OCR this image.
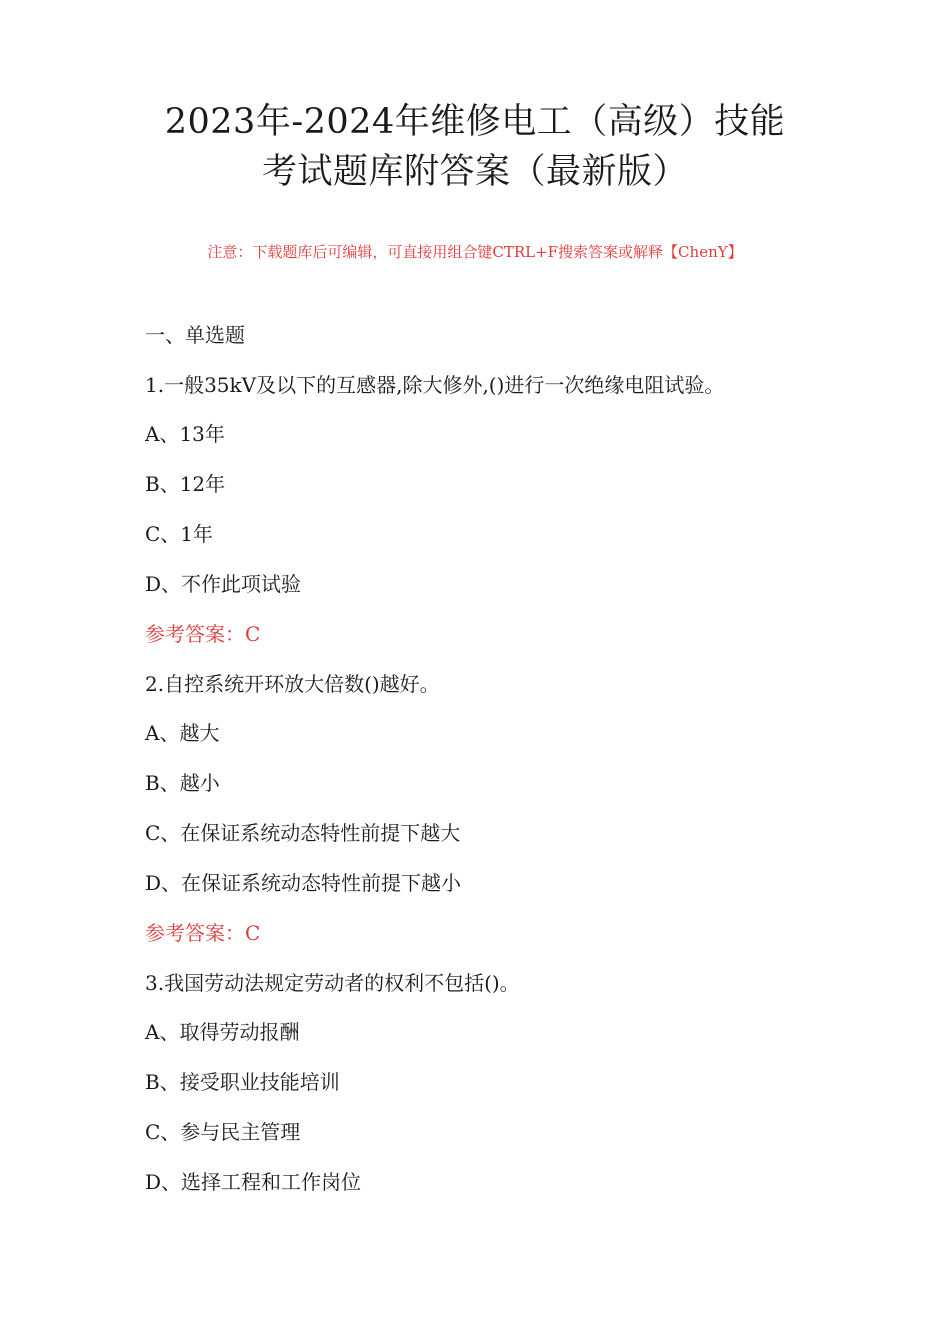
2023年-2024年维修电工（高级）技能
考试题库附答案（最新版）
注意：下载题库后可编辑，可直接用组合键CTRL+F搜索答案或解释【ChenY】
一、单选题
1.一般35kV及以下的互感器,除大修外,()进行一次绝缘电阻试验。
A、13年
B、12年
C、1年
D、不作此项试验
参考答案：C
2.自控系统开环放大倍数()越好。
A、越大
B、越小
C、在保证系统动态特性前提下越大
D、在保证系统动态特性前提下越小
参考答案：C
3.我国劳动法规定劳动者的权利不包括()。
A、取得劳动报酬
B、接受职业技能培训
C、参与民主管理
D、选择工程和工作岗位
